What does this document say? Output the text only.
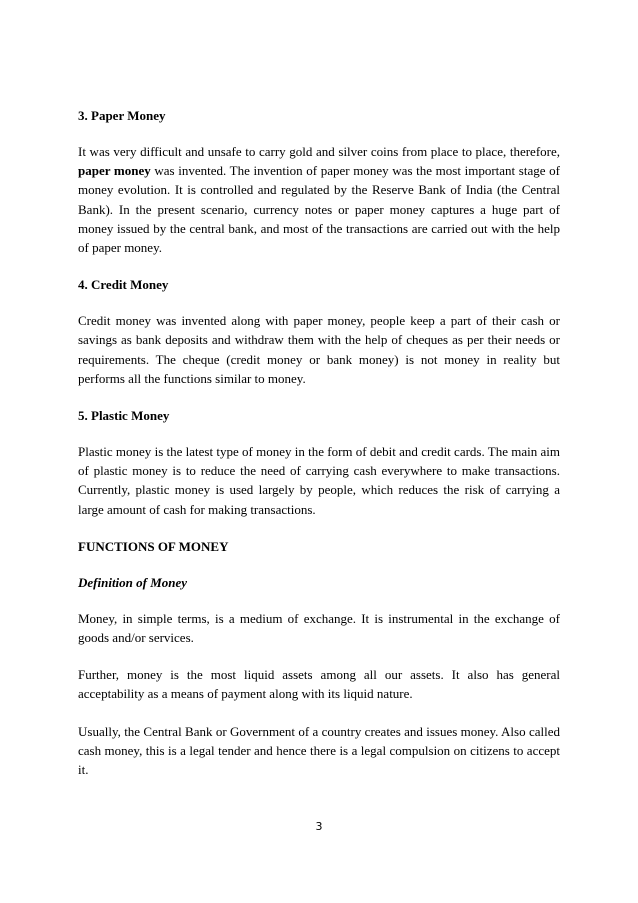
3. Paper Money

It was very difficult and unsafe to carry gold and silver coins from place to place, therefore, paper money was invented. The invention of paper money was the most important stage of money evolution. It is controlled and regulated by the Reserve Bank of India (the Central Bank). In the present scenario, currency notes or paper money captures a huge part of money issued by the central bank, and most of the transactions are carried out with the help of paper money.

4. Credit Money

Credit money was invented along with paper money, people keep a part of their cash or savings as bank deposits and withdraw them with the help of cheques as per their needs or requirements. The cheque (credit money or bank money) is not money in reality but performs all the functions similar to money.

5. Plastic Money

Plastic money is the latest type of money in the form of debit and credit cards. The main aim of plastic money is to reduce the need of carrying cash everywhere to make transactions. Currently, plastic money is used largely by people, which reduces the risk of carrying a large amount of cash for making transactions.

FUNCTIONS OF MONEY
Definition of Money

Money, in simple terms, is a medium of exchange. It is instrumental in the exchange of goods and/or services.

Further, money is the most liquid assets among all our assets. It also has general acceptability as a means of payment along with its liquid nature.

Usually, the Central Bank or Government of a country creates and issues money. Also called cash money, this is a legal tender and hence there is a legal compulsion on citizens to accept it.

3
